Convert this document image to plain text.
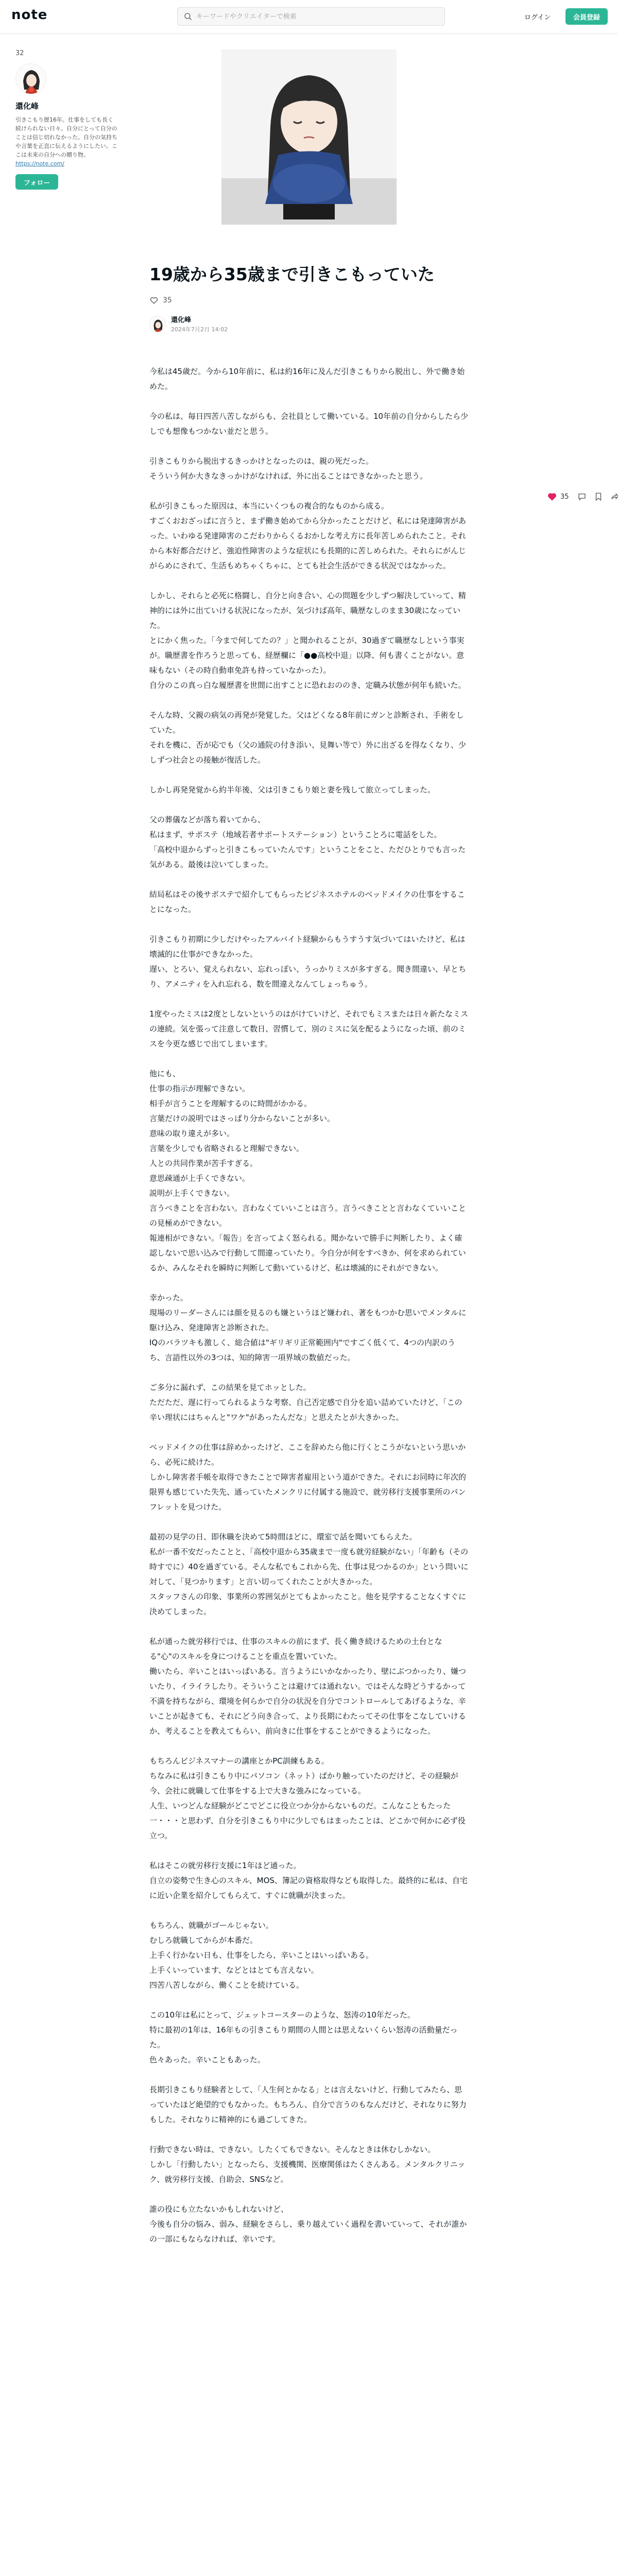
note
キーワードやクリエイターで検索	ログイン	会員登録
32
還化峰
引きこもり歴16年。仕事をしても長く続けられない日々。自分にとって自分のことは信じ切れなかった。自分の気持ちや言葉を正直に伝えるようにしたい。ここは未来の自分への贈り物。
https://note.com/
フォロー
19歳から35歳まで引きこもっていた
35
還化峰
2024年7月2日 14:02

今私は45歳だ。今から10年前に、私は約16年に及んだ引きこもりから脱出し、外で働き始めた。

今の私は、毎日四苦八苦しながらも、会社員として働いている。10年前の自分からしたら少しでも想像もつかない並だと思う。

引きこもりから脱出するきっかけとなったのは、親の死だった。
そういう何か大きなきっかけがなければ、外に出ることはできなかったと思う。

私が引きこもった原因は、本当にいくつもの複合的なものから成る。
すごくおおざっぱに言うと、まず働き始めてから分かったことだけど、私には発達障害があった。いわゆる発達障害のこだわりからくるおかしな考え方に長年苦しめられたこと。それから本好都合だけど、強迫性障害のような症状にも長期的に苦しめられた。それらにがんじがらめにされて、生活もめちゃくちゃに、とても社会生活ができる状況ではなかった。

しかし、それらと必死に格闘し、自分と向き合い、心の問題を少しずつ解決していって、精神的には外に出ていける状況になったが、気づけば高年、職歴なしのまま30歳になっていた。
とにかく焦った。「今まで何してたの？」と聞かれることが、30過ぎて職歴なしという事実が。職歴書を作ろうと思っても、経歴欄に「●●高校中退」以降、何も書くことがない。意味もない（その時自動車免許も持っていなかった）。
自分のこの真っ白な履歴書を世間に出すことに恐れおののき、定職み状態が何年も続いた。

そんな時、父親の病気の再発が発覚した。父はどくなる8年前にガンと診断され、手術をしていた。
それを機に、否が応でも（父の通院の付き添い、見舞い等で）外に出ざるを得なくなり、少しずつ社会との接触が復活した。

しかし再発発覚から約半年後、父は引きこもり娘と妻を残して旅立ってしまった。

父の葬儀などが落ち着いてから、
私はまず、サポステ（地域若者サポートステーション）ということろに電話をした。
「高校中退からずっと引きこもっていたんです」ということをこと、ただひとりでも言った気がある。最後は泣いてしまった。

結局私はその後サポステで紹介してもらったビジネスホテルのベッドメイクの仕事をすることになった。

引きこもり初期に少しだけやったアルバイト経験からもうすうす気づいてはいたけど、私は壊滅的に仕事ができなかった。
遅い、とろい、覚えられない、忘れっぽい、うっかりミスが多すぎる。聞き間違い、早とちり、アメニティを入れ忘れる、数を間違えなんてしょっちゅう。

1度やったミスは2度としないというのはがけていけど、それでもミスまたは日々新たなミスの連続。気を張って注意して数日、習慣して、別のミスに気を配るようになった頃、前のミスを今更な感じで出てしまいます。

他にも、
仕事の指示が理解できない。
相手が言うことを理解するのに時間がかかる。
言葉だけの説明ではさっぱり分からないことが多い。
意味の取り違えが多い。
言葉を少しでも省略されると理解できない。
人との共同作業が苦手すぎる。
意思疎通が上手くできない。
説明が上手くできない。
言うべきことを言わない。言わなくていいことは言う。言うべきことと言わなくていいことの見極めができない。
報連相ができない。「報告」を言ってよく怒られる。聞かないで勝手に判断したり、よく確認しないで思い込みで行動して間違っていたり。今自分が何をすべきか、何を求められているか、みんなそれを瞬時に判断して動いているけど、私は壊滅的にそれができない。

幸かった。
現場のリーダーさんには顔を見るのも嫌というほど嫌われ、著をもつかむ思いでメンタルに駆け込み、発達障害と診断された。
IQのバラツキも激しく、総合値は"ギリギリ正常範囲内"ですごく低くて、4つの内訳のうち、言語性以外の3つは、知的障害一項界域の数値だった。

ご多分に漏れず、この結果を見てホッとした。
ただただ、遅に行ってられるような考察、自己否定感で自分を追い詰めていたけど、「この辛い理状にはちゃんと"ワケ"があったんだな」と思えたとが大きかった。

ベッドメイクの仕事は辞めかったけど、ここを辞めたら他に行くとこうがないという思いから、必死に続けた。
しかし障害者手帳を取得できたことで障害者雇用という道ができた。それにお同時に年次的限界も感じていた失先、通っていたメンクリに付属する施設で、就労移行支援事業所のパンフレットを見つけた。

最初の見学の日、即休職を決めて5時間ほどに、環室で話を聞いてもらえた。
私が一番不安だったことと、「高校中退から35歳まで一度も就労経験がない」「年齢も（その時すでに）40を過ぎている。そんな私でもこれから先、仕事は見つかるのか」という問いに対して、「見つかります」と言い切ってくれたことが大きかった。
スタッフさんの印象、事業所の雰囲気がとてもよかったこと。他を見学することなくすぐに決めてしまった。

私が通った就労移行では、仕事のスキルの前にまず、長く働き続けるための土台となる"心"のスキルを身につけることを重点を置いていた。
働いたら、辛いことはいっぱいある。言うようにいかなかったり、壁にぶつかったり、嫌ついたり、イライラしたり。そういうことは避けては通れない。ではそんな時どうするかって不満を持ちながら、環境を何らかで自分の状況を自分でコントロールしてあげるような、辛いことが起きても、それにどう向き合って、より長期にわたってその仕事をこなしていけるか、考えることを教えてもらい、前向きに仕事をすることができるようになった。

もちろんビジネスマナーの講座とかPC訓練もある。
ちなみに私は引きこもり中にパソコン（ネット）ばかり触っていたのだけど、その経験が今、会社に就職して仕事をする上で大きな強みになっている。
人生、いつどんな経験がどこでどこに役立つか分からないものだ。こんなこともたった一・・・と思わず、自分を引きこもり中に少しでもはまったことは、どこかで何かに必ず役立つ。

私はそこの就労移行支援に1年ほど通った。
自立の姿勢で生き心のスキル、MOS、簿記の資格取得なども取得した。最終的に私は、自宅に近い企業を紹介してもらえて、すぐに就職が決まった。

もちろん、就職がゴールじゃない。
むしろ就職してからが本番だ。
上手く行かない日も、仕事をしたら、辛いことはいっぱいある。
上手くいっています、などとはとても言えない。
四苦八苦しながら、働くことを続けている。

この10年は私にとって、ジェットコースターのような、怒涛の10年だった。
特に最初の1年は、16年もの引きこもり期間の人間とは思えないくらい怒涛の活動量だった。
色々あった。辛いこともあった。

長期引きこもり経験者として、「人生何とかなる」とは言えないけど、行動してみたら、思っていたほど絶望的でもなかった。もちろん、自分で言うのもなんだけど、それなりに努力もした。それなりに精神的にも過ごしてきた。

行動できない時は、できない。したくてもできない。そんなときは休むしかない。
しかし「行動したい」となったら、支援機関、医療関係はたくさんある。メンタルクリニック、就労移行支援、自助会、SNSなど。

誰の役にも立たないかもしれないけど、
今後も自分の悩み、弱み、経験をさらし、乗り越えていく過程を書いていって、それが誰かの一部にもならなければ、幸いです。

35
